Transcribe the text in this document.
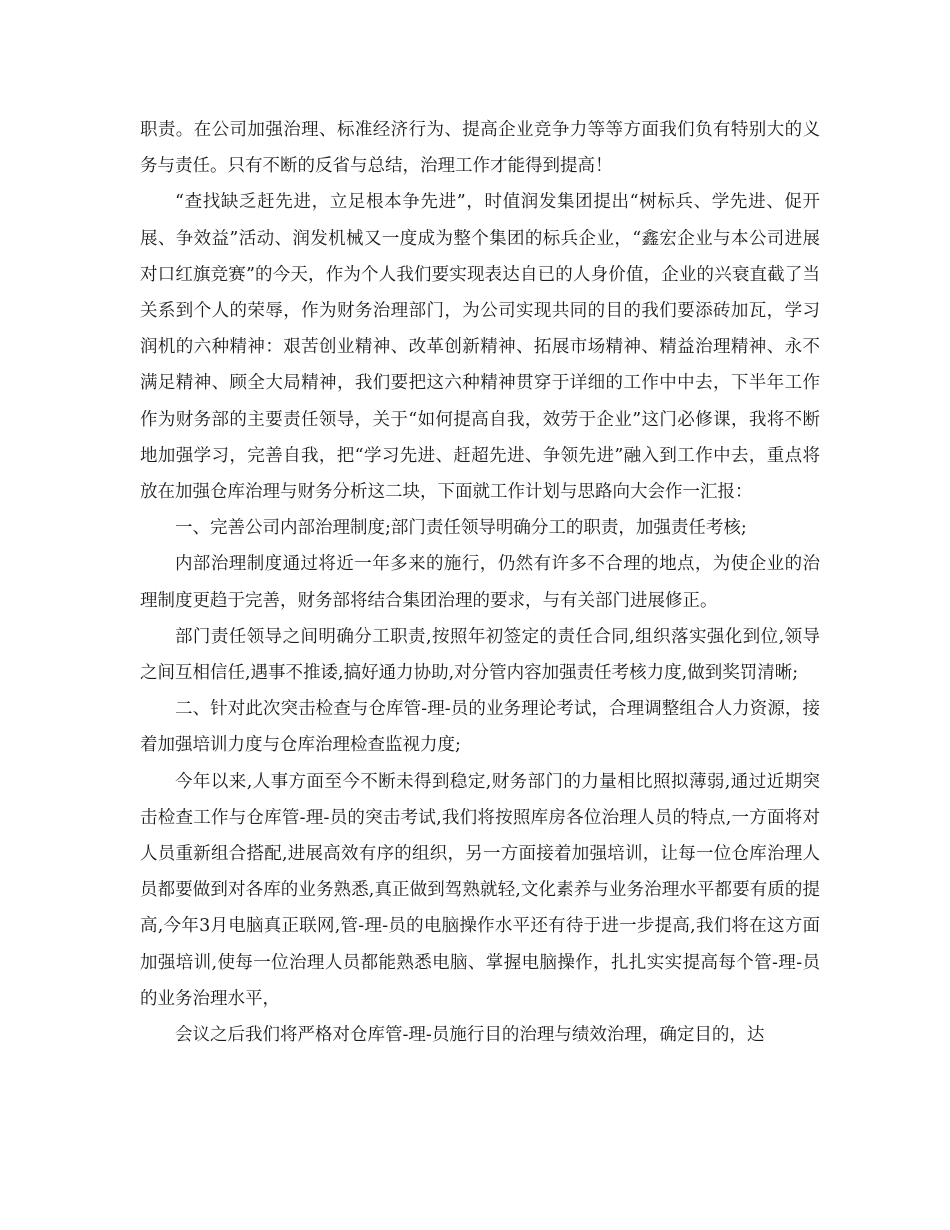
职责。在公司加强治理、标准经济行为、提高企业竞争力等等方面我们负有特别大的义务与责任。只有不断的反省与总结，治理工作才能得到提高！

“查找缺乏赶先进，立足根本争先进”，时值润发集团提出“树标兵、学先进、促开展、争效益”活动、润发机械又一度成为整个集团的标兵企业，“鑫宏企业与本公司进展对口红旗竞赛”的今天，作为个人我们要实现表达自已的人身价值，企业的兴衰直截了当关系到个人的荣辱，作为财务治理部门，为公司实现共同的目的我们要添砖加瓦，学习润机的六种精神：艰苦创业精神、改革创新精神、拓展市场精神、精益治理精神、永不满足精神、顾全大局精神，我们要把这六种精神贯穿于详细的工作中中去，下半年工作作为财务部的主要责任领导，关于“如何提高自我，效劳于企业”这门必修课，我将不断地加强学习，完善自我，把“学习先进、赶超先进、争领先进”融入到工作中去，重点将放在加强仓库治理与财务分析这二块，下面就工作计划与思路向大会作一汇报：

一、完善公司内部治理制度;部门责任领导明确分工的职责，加强责任考核;

内部治理制度通过将近一年多来的施行，仍然有许多不合理的地点，为使企业的治理制度更趋于完善，财务部将结合集团治理的要求，与有关部门进展修正。

部门责任领导之间明确分工职责,按照年初签定的责任合同,组织落实强化到位,领导之间互相信任,遇事不推诿,搞好通力协助,对分管内容加强责任考核力度,做到奖罚清晰;

二、针对此次突击检查与仓库管-理-员的业务理论考试，合理调整组合人力资源，接着加强培训力度与仓库治理检查监视力度;

今年以来,人事方面至今不断未得到稳定,财务部门的力量相比照拟薄弱,通过近期突击检查工作与仓库管-理-员的突击考试,我们将按照库房各位治理人员的特点,一方面将对人员重新组合搭配,进展高效有序的组织，另一方面接着加强培训，让每一位仓库治理人员都要做到对各库的业务熟悉,真正做到驾熟就轻,文化素养与业务治理水平都要有质的提高,今年3月电脑真正联网,管-理-员的电脑操作水平还有待于进一步提高,我们将在这方面加强培训,使每一位治理人员都能熟悉电脑、掌握电脑操作，扎扎实实提高每个管-理-员的业务治理水平，

会议之后我们将严格对仓库管-理-员施行目的治理与绩效治理，确定目的，达
